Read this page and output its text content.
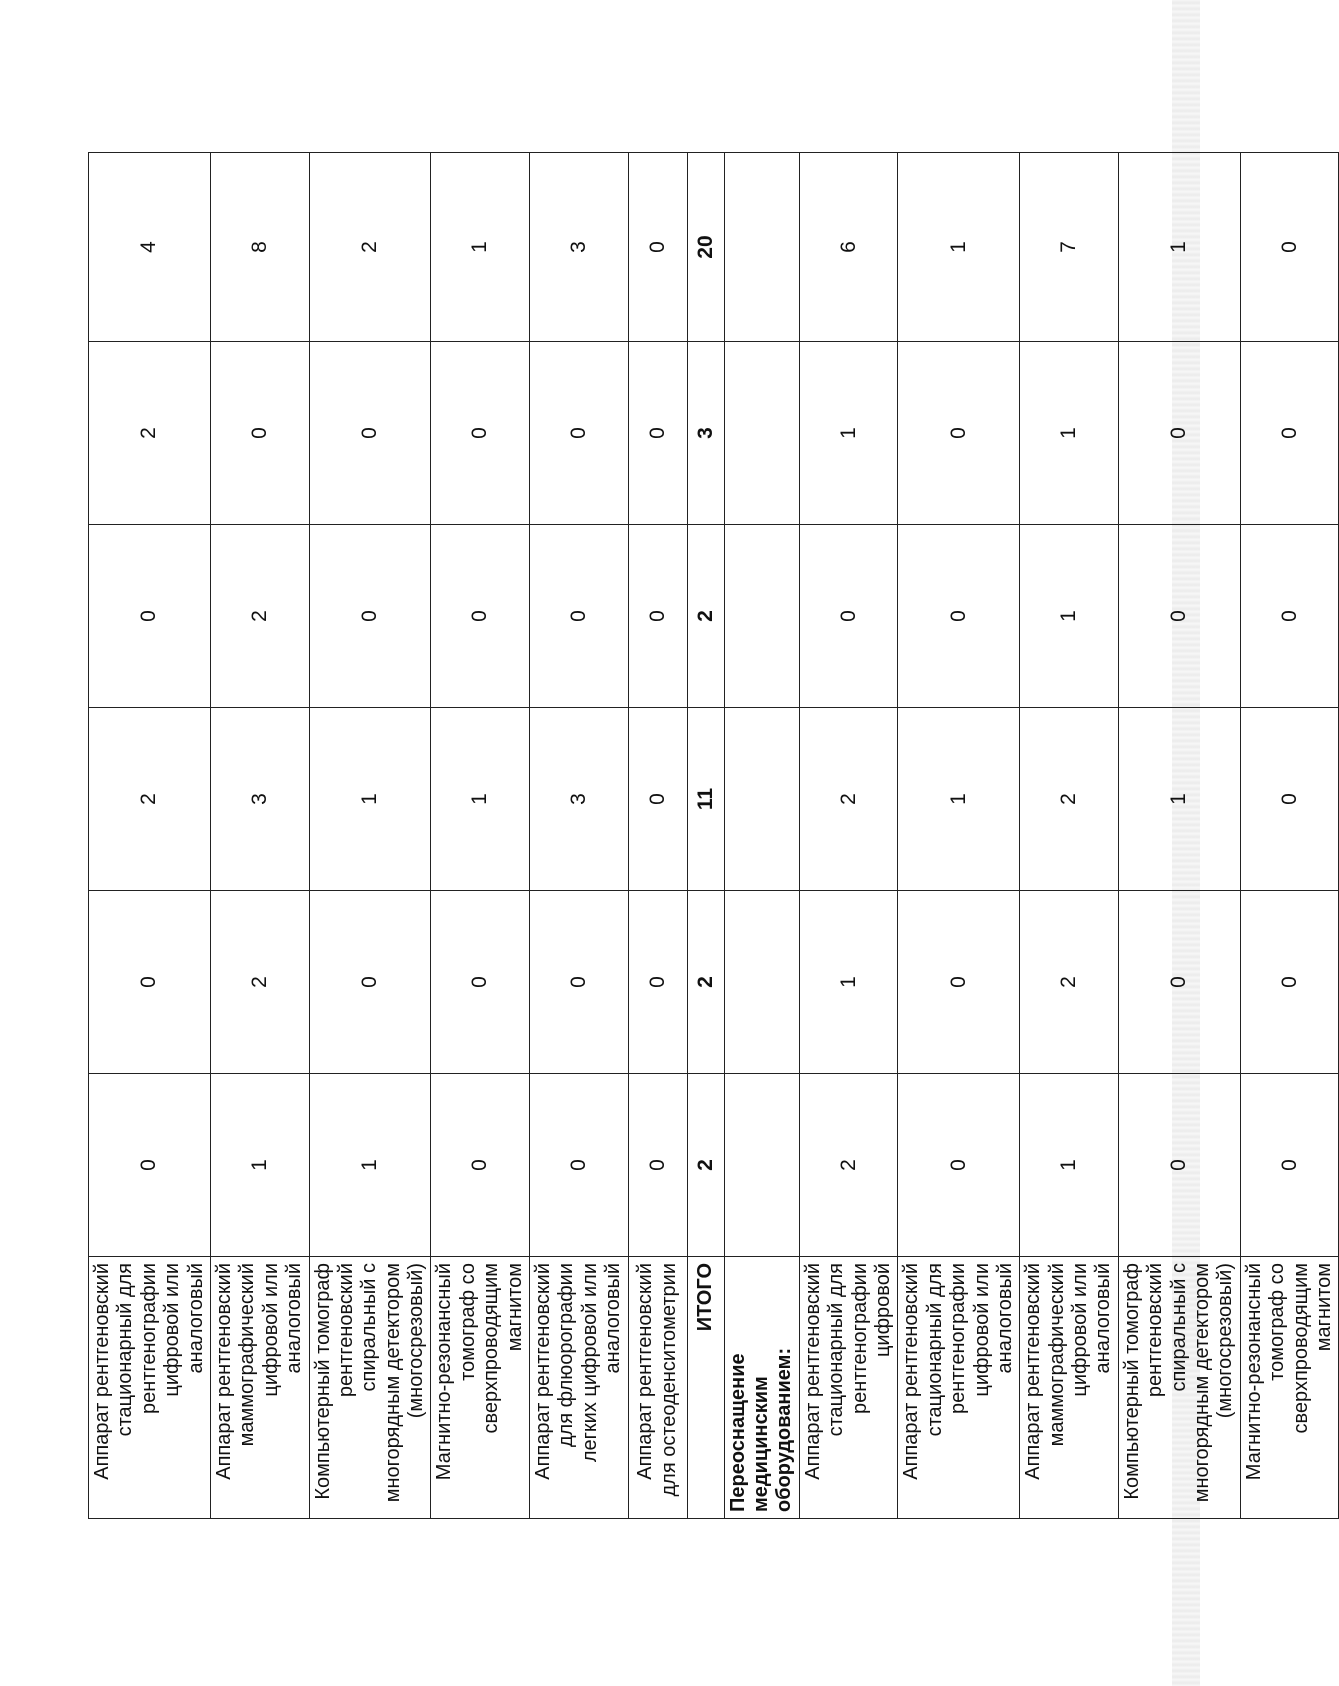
Аппарат рентгеновский стационарный для рентгенографии цифровой или аналоговый	0	0	2	0	2	4
Аппарат рентгеновский маммографический цифровой или аналоговый	1	2	3	2	0	8
Компьютерный томограф рентгеновский спиральный с многорядным детектором (многосрезовый)	1	0	1	0	0	2
Магнитно-резонансный томограф со сверхпроводящим магнитом	0	0	1	0	0	1
Аппарат рентгеновский для флюорографии легких цифровой или аналоговый	0	0	3	0	0	3
Аппарат рентгеновский для остеоденситометрии	0	0	0	0	0	0
ИТОГО	2	2	11	2	3	20
Переоснащение медицинским оборудованием:						
Аппарат рентгеновский стационарный для рентгенографии цифровой	2	1	2	0	1	6
Аппарат рентгеновский стационарный для рентгенографии цифровой или аналоговый	0	0	1	0	0	1
Аппарат рентгеновский маммографический цифровой или аналоговый	1	2	2	1	1	7
Компьютерный томограф рентгеновский спиральный с многорядным детектором (многосрезовый)	0	0	1	0	0	1
Магнитно-резонансный томограф со сверхпроводящим магнитом	0	0	0	0	0	0
